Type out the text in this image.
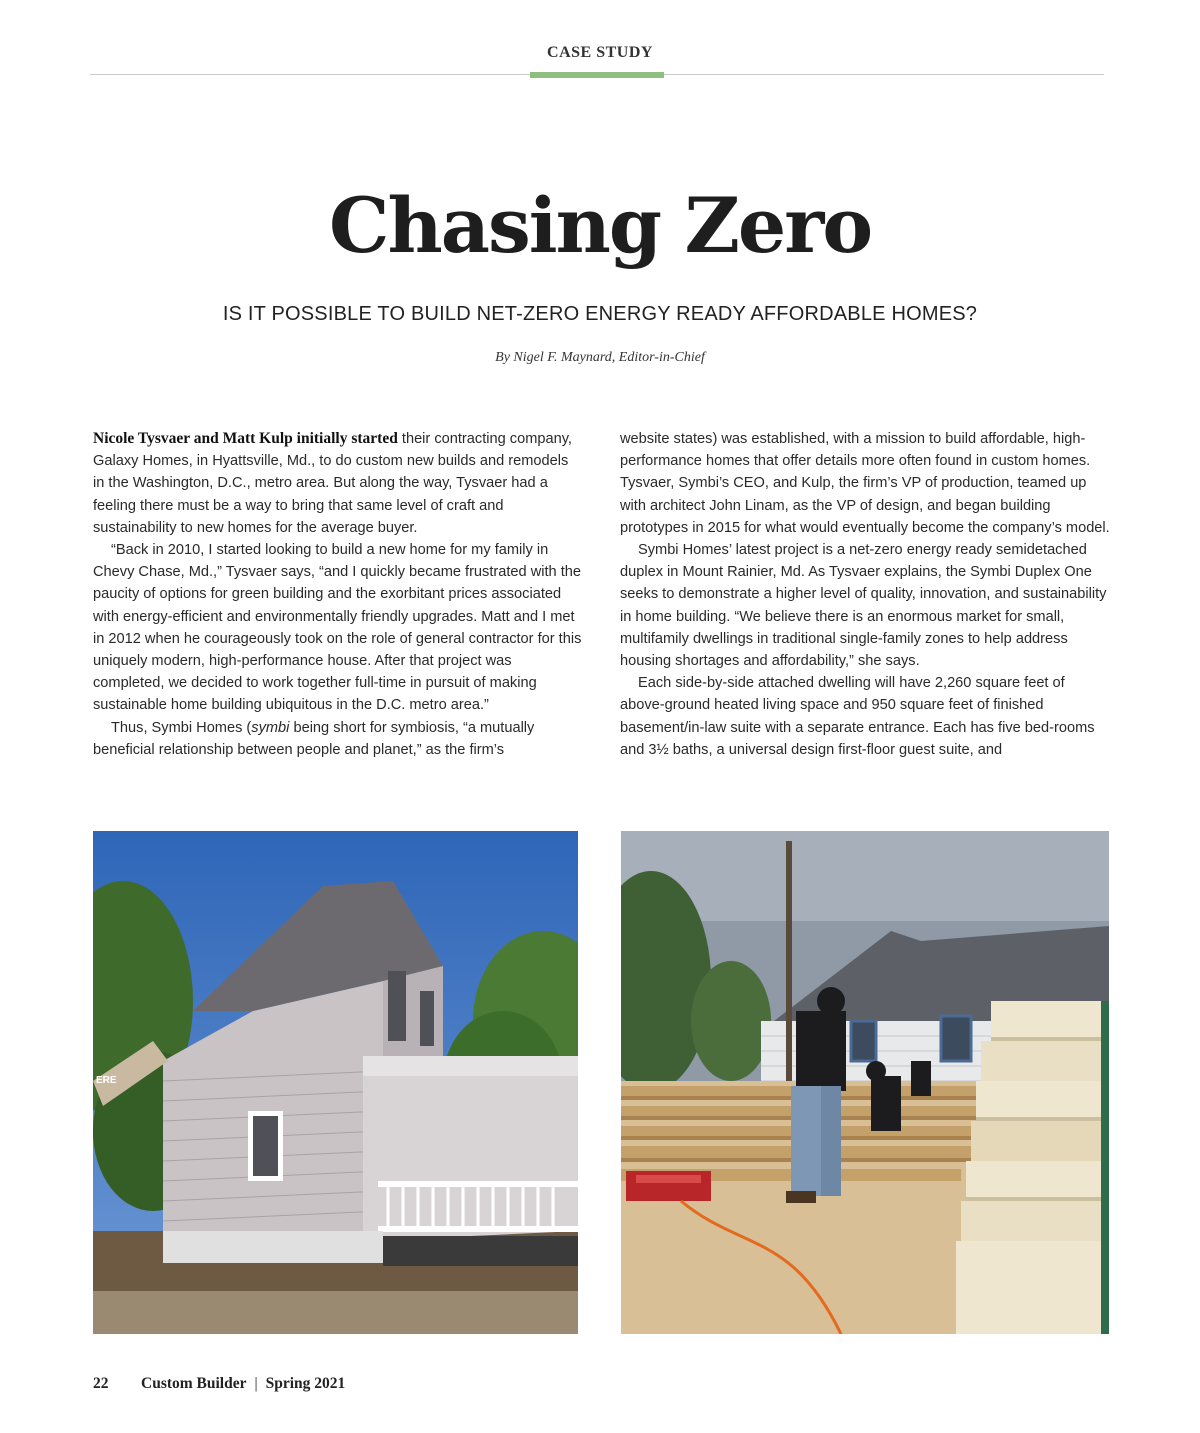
CASE STUDY
Chasing Zero
IS IT POSSIBLE TO BUILD NET-ZERO ENERGY READY AFFORDABLE HOMES?
By Nigel F. Maynard, Editor-in-Chief

Nicole Tysvaer and Matt Kulp initially started their contracting company, Galaxy Homes, in Hyattsville, Md., to do custom new builds and remodels in the Washington, D.C., metro area. But along the way, Tysvaer had a feeling there must be a way to bring that same level of craft and sustainability to new homes for the average buyer.

“Back in 2010, I started looking to build a new home for my family in Chevy Chase, Md.,” Tysvaer says, “and I quickly became frustrated with the paucity of options for green building and the exorbitant prices associated with energy-efficient and environmentally friendly upgrades. Matt and I met in 2012 when he courageously took on the role of general contractor for this uniquely modern, high-performance house. After that project was completed, we decided to work together full-time in pursuit of making sustainable home building ubiquitous in the D.C. metro area.”

Thus, Symbi Homes (symbi being short for symbiosis, “a mutually beneficial relationship between people and planet,” as the firm’s

website states) was established, with a mission to build affordable, high-performance homes that offer details more often found in custom homes. Tysvaer, Symbi’s CEO, and Kulp, the firm’s VP of production, teamed up with architect John Linam, as the VP of design, and began building prototypes in 2015 for what would eventually become the company’s model.

Symbi Homes’ latest project is a net-zero energy ready semidetached duplex in Mount Rainier, Md. As Tysvaer explains, the Symbi Duplex One seeks to demonstrate a higher level of quality, innovation, and sustainability in home building. “We believe there is an enormous market for small, multifamily dwellings in traditional single-family zones to help address housing shortages and affordability,” she says.

Each side-by-side attached dwelling will have 2,260 square feet of above-ground heated living space and 950 square feet of finished basement/in-law suite with a separate entrance. Each has five bed-rooms and 3½ baths, a universal design first-floor guest suite, and

ERE
22 Custom Builder | Spring 2021
